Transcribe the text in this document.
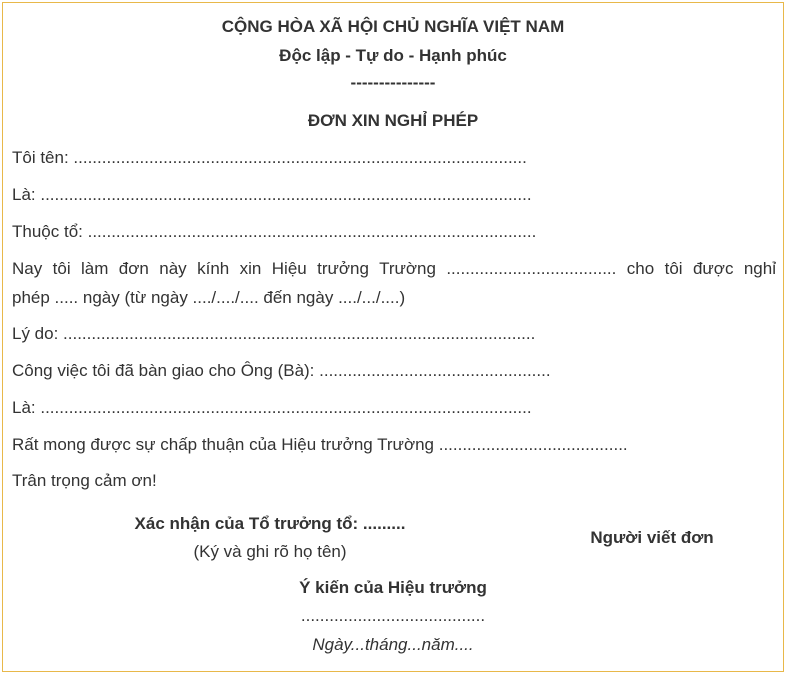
CỘNG HÒA XÃ HỘI CHỦ NGHĨA VIỆT NAM
Độc lập - Tự do - Hạnh phúc
---------------
ĐƠN XIN NGHỈ PHÉP
Tôi tên: ................................................................................................
Là: ........................................................................................................
Thuộc tổ: ...............................................................................................
Nay tôi làm đơn này kính xin Hiệu trưởng Trường .................................... cho tôi được nghỉ
phép ..... ngày (từ ngày ..../..../.... đến ngày ..../.../....)
Lý do: ....................................................................................................
Công việc tôi đã bàn giao cho Ông (Bà): .................................................
Là: ........................................................................................................
Rất mong được sự chấp thuận của Hiệu trưởng Trường ........................................
Trân trọng cảm ơn!
Xác nhận của Tổ trưởng tổ: .........
(Ký và ghi rõ họ tên)
Người viết đơn
Ý kiến của Hiệu trưởng
.......................................
Ngày...tháng...năm....
